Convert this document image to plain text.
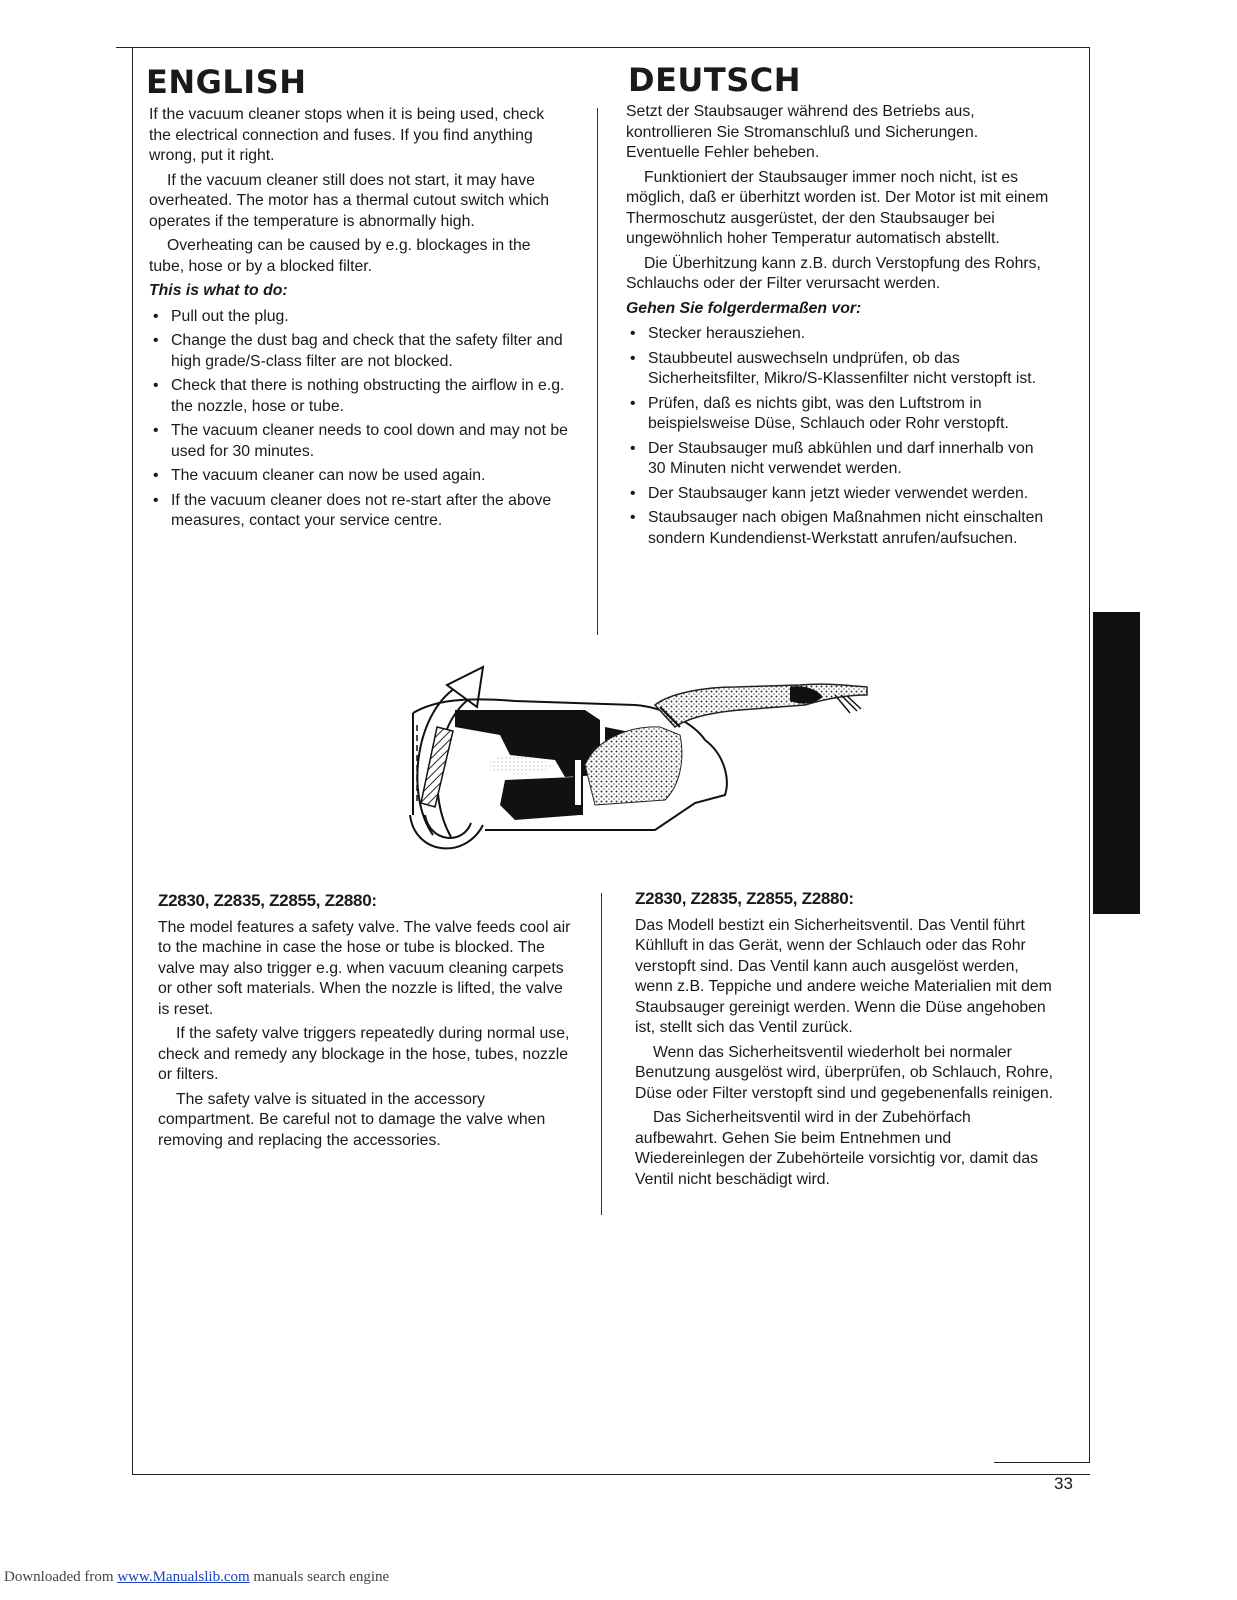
ENGLISH

If the vacuum cleaner stops when it is being used, check the electrical connection and fuses. If you find anything wrong, put it right.

If the vacuum cleaner still does not start, it may have overheated. The motor has a thermal cutout switch which operates if the temperature is abnormally high.

Overheating can be caused by e.g. blockages in the tube, hose or by a blocked filter.

This is what to do:
• Pull out the plug.
• Change the dust bag and check that the safety filter and high grade/S-class filter are not blocked.
• Check that there is nothing obstructing the airflow in e.g. the nozzle, hose or tube.
• The vacuum cleaner needs to cool down and may not be used for 30 minutes.
• The vacuum cleaner can now be used again.
• If the vacuum cleaner does not re-start after the above measures, contact your service centre.
DEUTSCH

Setzt der Staubsauger während des Betriebs aus, kontrollieren Sie Stromanschluß und Sicherungen. Eventuelle Fehler beheben.

Funktioniert der Staubsauger immer noch nicht, ist es möglich, daß er überhitzt worden ist. Der Motor ist mit einem Thermoschutz ausgerüstet, der den Staubsauger bei ungewöhnlich hoher Temperatur automatisch abstellt.

Die Überhitzung kann z.B. durch Verstopfung des Rohrs, Schlauchs oder der Filter verursacht werden.

Gehen Sie folgerdermaßen vor:
• Stecker herausziehen.
• Staubbeutel auswechseln undprüfen, ob das Sicherheitsfilter, Mikro/S-Klassenfilter nicht verstopft ist.
• Prüfen, daß es nichts gibt, was den Luftstrom in beispielsweise Düse, Schlauch oder Rohr verstopft.
• Der Staubsauger muß abkühlen und darf innerhalb von 30 Minuten nicht verwendet werden.
• Der Staubsauger kann jetzt wieder verwendet werden.
• Staubsauger nach obigen Maßnahmen nicht einschalten sondern Kundendienst-Werkstatt anrufen/aufsuchen.
Z2830, Z2835, Z2855, Z2880:

The model features a safety valve. The valve feeds cool air to the machine in case the hose or tube is blocked. The valve may also trigger e.g. when vacuum cleaning carpets or other soft materials. When the nozzle is lifted, the valve is reset.

If the safety valve triggers repeatedly during normal use, check and remedy any blockage in the hose, tubes, nozzle or filters.

The safety valve is situated in the accessory compartment. Be careful not to damage the valve when removing and replacing the accessories.

Z2830, Z2835, Z2855, Z2880:

Das Modell bestizt ein Sicherheitsventil. Das Ventil führt Kühlluft in das Gerät, wenn der Schlauch oder das Rohr verstopft sind. Das Ventil kann auch ausgelöst werden, wenn z.B. Teppiche und andere weiche Materialien mit dem Staubsauger gereinigt werden. Wenn die Düse angehoben ist, stellt sich das Ventil zurück.

Wenn das Sicherheitsventil wiederholt bei normaler Benutzung ausgelöst wird, überprüfen, ob Schlauch, Rohre, Düse oder Filter verstopft sind und gegebenenfalls reinigen.

Das Sicherheitsventil wird in der Zubehörfach aufbewahrt. Gehen Sie beim Entnehmen und Wiedereinlegen der Zubehörteile vorsichtig vor, damit das Ventil nicht beschädigt wird.

33
Downloaded from www.Manualslib.com manuals search engine
